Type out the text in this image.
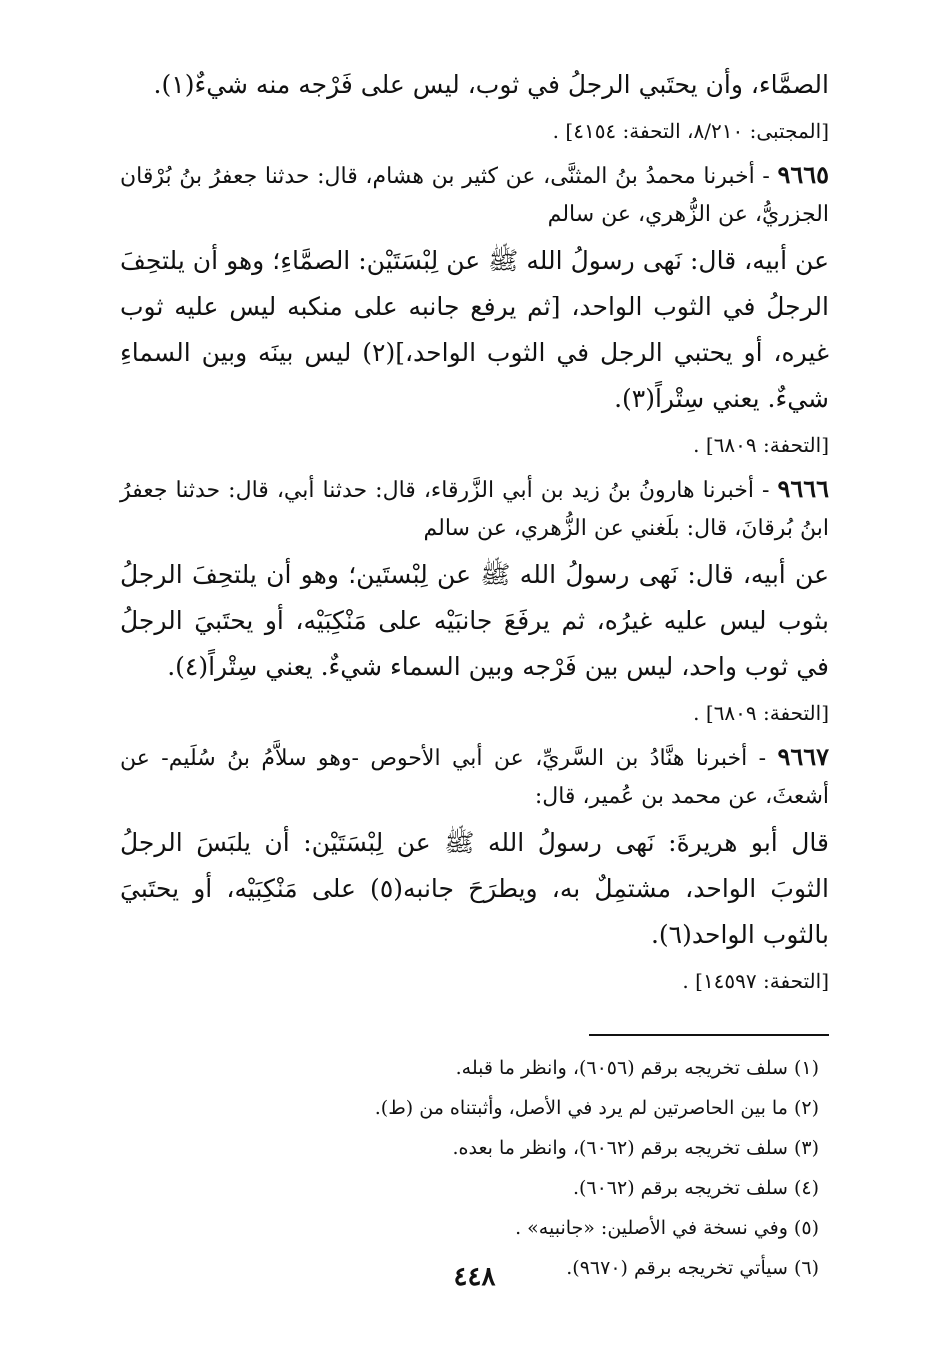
الصمَّاء، وأن يحتَبي الرجلُ في ثوب، ليس على فَرْجه منه شيءٌ(١).

[المجتبى: ٨/٢١٠، التحفة: ٤١٥٤] .

٩٦٦٥ - أخبرنا محمدُ بنُ المثنَّى، عن كثير بن هشام، قال: حدثنا جعفرُ بنُ بُرْقان الجزريُّ، عن الزُّهري، عن سالم

عن أبيه، قال: نَهى رسولُ الله ﷺ عن لِبْسَتَيْن: الصمَّاءِ؛ وهو أن يلتحِفَ الرجلُ في الثوب الواحد، [ثم يرفع جانبه على منكبه ليس عليه ثوب غيره، أو يحتبي الرجل في الثوب الواحد،](٢) ليس بينَه وبين السماءِ شيءٌ. يعني سِتْراً(٣).

[التحفة: ٦٨٠٩] .

٩٦٦٦ - أخبرنا هارونُ بنُ زيد بن أبي الزَّرقاء، قال: حدثنا أبي، قال: حدثنا جعفرُ ابنُ بُرقانَ، قال: بلَغني عن الزُّهري، عن سالم

عن أبيه، قال: نَهى رسولُ الله ﷺ عن لِبْستَين؛ وهو أن يلتحِفَ الرجلُ بثوب ليس عليه غيرُه، ثم يرفَعَ جانبَيْه على مَنْكِبَيْه، أو يحتَبيَ الرجلُ في ثوب واحد، ليس بين فَرْجه وبين السماء شيءٌ. يعني سِتْراً(٤).

[التحفة: ٦٨٠٩] .

٩٦٦٧ - أخبرنا هنَّادُ بن السَّريِّ، عن أبي الأحوص -وهو سلاَّمُ بنُ سُلَيم- عن أشعثَ، عن محمد بن عُمير، قال:

قال أبو هريرةَ: نَهى رسولُ الله ﷺ عن لِبْسَتَيْن: أن يلبَسَ الرجلُ الثوبَ الواحد، مشتمِلٌ به، ويطرَحَ جانبه(٥) على مَنْكِبَيْه، أو يحتَبيَ بالثوب الواحد(٦).

[التحفة: ١٤٥٩٧] .
(١) سلف تخريجه برقم (٦٠٥٦)، وانظر ما قبله.
(٢) ما بين الحاصرتين لم يرد في الأصل، وأثبتناه من (ط).
(٣) سلف تخريجه برقم (٦٠٦٢)، وانظر ما بعده.
(٤) سلف تخريجه برقم (٦٠٦٢).
(٥) وفي نسخة في الأصلين: «جانبيه» .
(٦) سيأتي تخريجه برقم (٩٦٧٠).
٤٤٨
